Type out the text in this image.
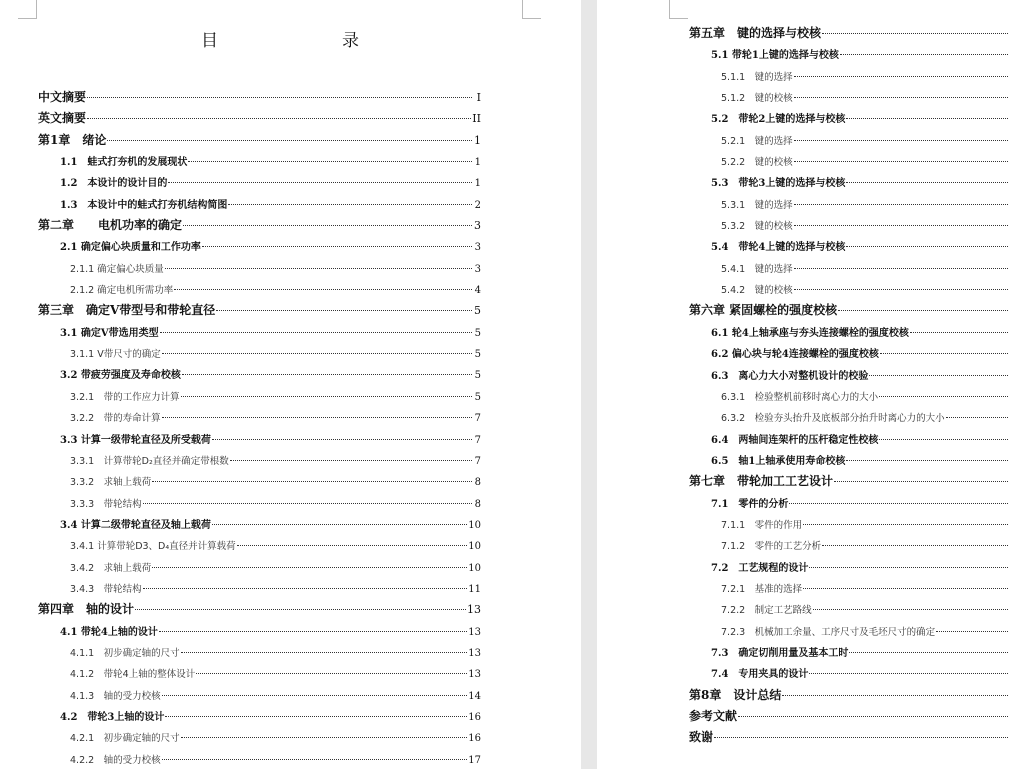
目　　录
中文摘要	I
英文摘要	II
第1章　绪论	1
1.1　蛙式打夯机的发展现状	1
1.2　本设计的设计目的	1
1.3　本设计中的蛙式打夯机结构简图	2
第二章　　电机功率的确定	3
2.1 确定偏心块质量和工作功率	3
2.1.1 确定偏心块质量	3
2.1.2 确定电机所需功率	4
第三章　确定V带型号和带轮直径	5
3.1 确定V带选用类型	5
3.1.1 V带尺寸的确定	5
3.2 带疲劳强度及寿命校核	5
3.2.1　带的工作应力计算	5
3.2.2　带的寿命计算	7
3.3 计算一级带轮直径及所受载荷	7
3.3.1　计算带轮D₂直径并确定带根数	7
3.3.2　求轴上载荷	8
3.3.3　带轮结构	8
3.4 计算二级带轮直径及轴上载荷	10
3.4.1 计算带轮D3、D₄直径并计算载荷	10
3.4.2　求轴上载荷	10
3.4.3　带轮结构	11
第四章　轴的设计	13
4.1 带轮4上轴的设计	13
4.1.1　初步确定轴的尺寸	13
4.1.2　带轮4上轴的整体设计	13
4.1.3　轴的受力校核	14
4.2　带轮3上轴的设计	16
4.2.1　初步确定轴的尺寸	16
4.2.2　轴的受力校核	17
第五章　键的选择与校核
5.1 带轮1上键的选择与校核
5.1.1　键的选择
5.1.2　键的校核
5.2　带轮2上键的选择与校核
5.2.1　键的选择
5.2.2　键的校核
5.3　带轮3上键的选择与校核
5.3.1　键的选择
5.3.2　键的校核
5.4　带轮4上键的选择与校核
5.4.1　键的选择
5.4.2　键的校核
第六章 紧固螺栓的强度校核
6.1 轮4上轴承座与夯头连接螺栓的强度校核
6.2 偏心块与轮4连接螺栓的强度校核
6.3　离心力大小对整机设计的校验
6.3.1　检验整机前移时离心力的大小
6.3.2　检验夯头抬升及底板部分抬升时离心力的大小
6.4　两轴间连架杆的压杆稳定性校核
6.5　轴1上轴承使用寿命校核
第七章　带轮加工工艺设计
7.1　零件的分析
7.1.1　零件的作用
7.1.2　零件的工艺分析
7.2　工艺规程的设计
7.2.1　基准的选择
7.2.2　制定工艺路线
7.2.3　机械加工余量、工序尺寸及毛坯尺寸的确定
7.3　确定切削用量及基本工时
7.4　专用夹具的设计
第8章　设计总结
参考文献
致谢
